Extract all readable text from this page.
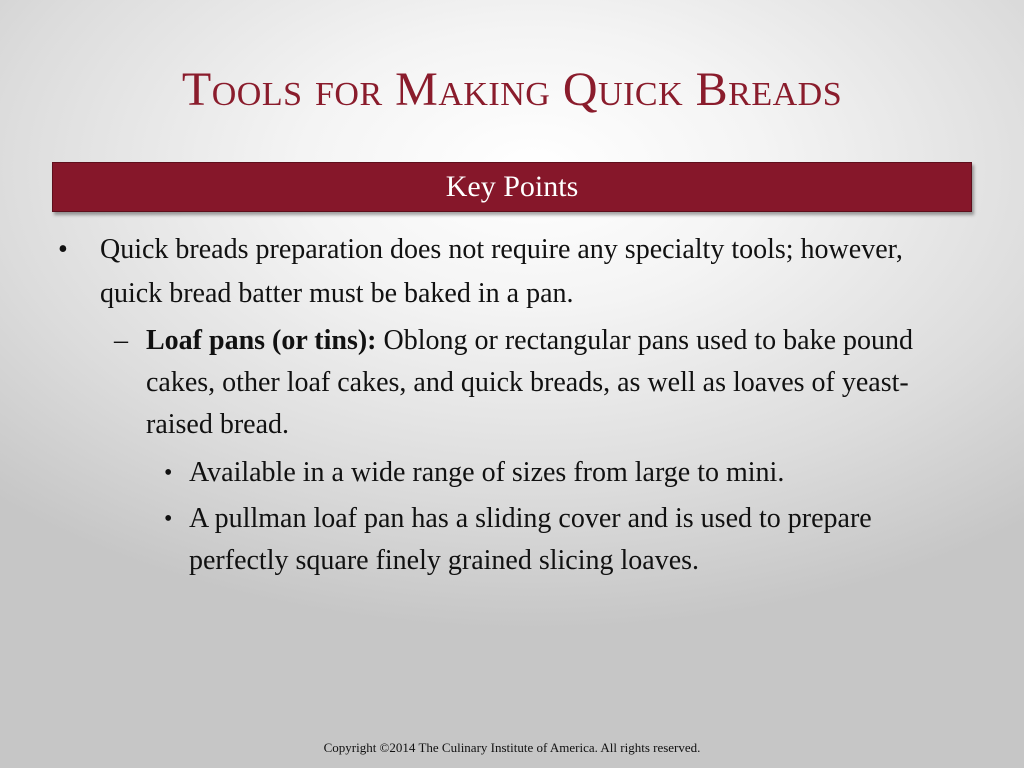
Tools for Making Quick Breads
Key Points

• Quick breads preparation does not require any specialty tools; however, quick bread batter must be baked in a pan.

– Loaf pans (or tins): Oblong or rectangular pans used to bake pound cakes, other loaf cakes, and quick breads, as well as loaves of yeast-raised bread.

• Available in a wide range of sizes from large to mini.

• A pullman loaf pan has a sliding cover and is used to prepare perfectly square finely grained slicing loaves.

Copyright ©2014 The Culinary Institute of America. All rights reserved.
